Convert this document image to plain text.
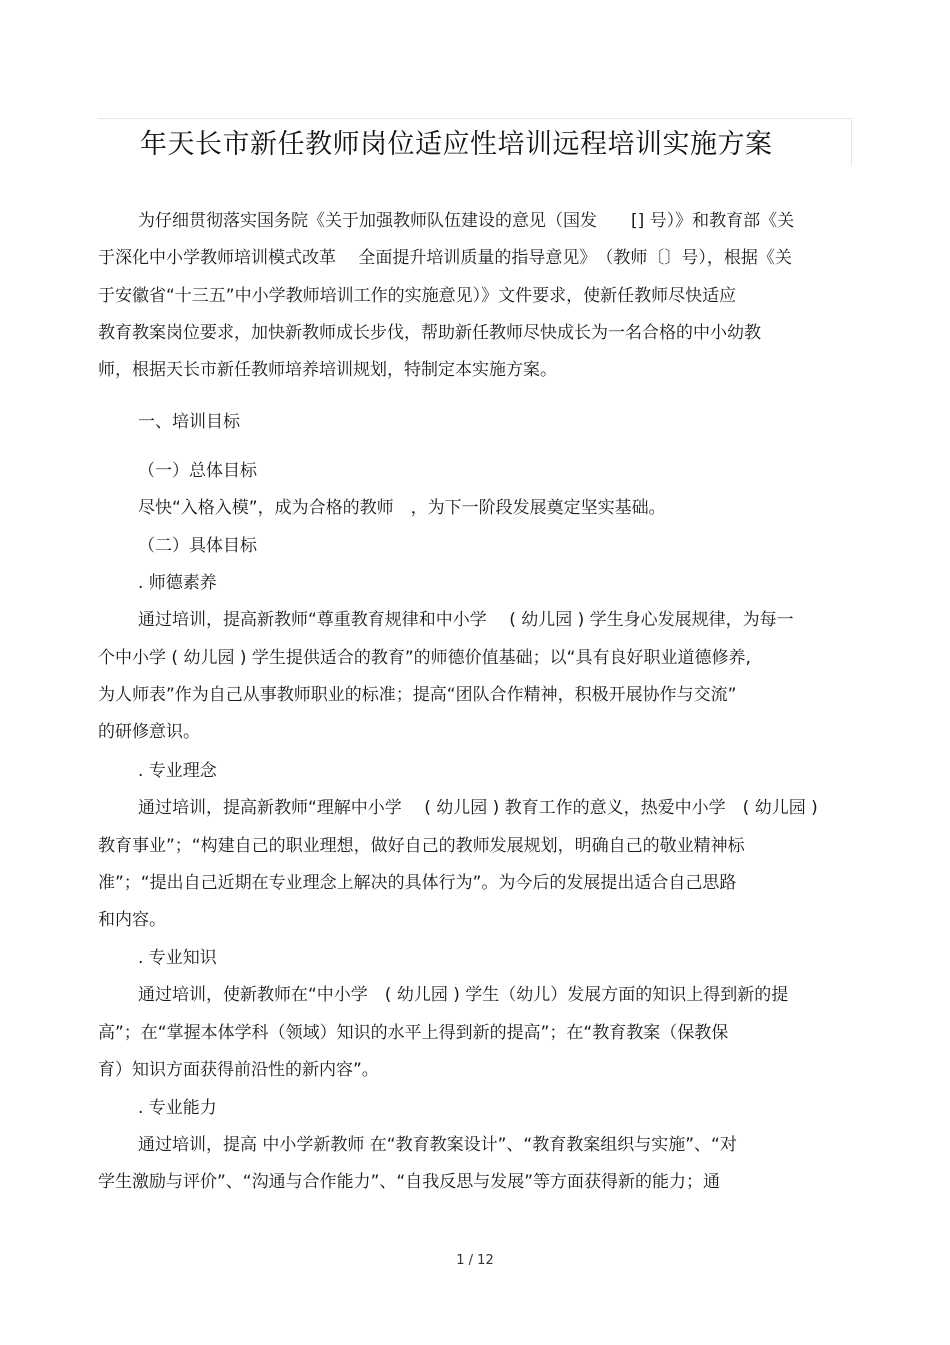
年天长市新任教师岗位适应性培训远程培训实施方案
为仔细贯彻落实国务院《关于加强教师队伍建设的意见（国发　　[] 号）》和教育部《关
于深化中小学教师培训模式改革　 全面提升培训质量的指导意见》　（教师〔〕号），根据《关
于安徽省“十三五”中小学教师培训工作的实施意见）》文件要求，使新任教师尽快适应
教育教案岗位要求，加快新教师成长步伐，帮助新任教师尽快成长为一名合格的中小幼教
师，根据天长市新任教师培养培训规划，特制定本实施方案。
一、培训目标
（一）总体目标
尽快“入格入模”，成为合格的教师　，为下一阶段发展奠定坚实基础。
（二）具体目标
. 师德素养
通过培训，提高新教师“尊重教育规律和中小学　 ( 幼儿园 ) 学生身心发展规律，为每一
个中小学 ( 幼儿园 ) 学生提供适合的教育”的师德价值基础；以“具有良好职业道德修养,
为人师表”作为自己从事教师职业的标准；提高“团队合作精神，积极开展协作与交流”
的研修意识。
. 专业理念
通过培训，提高新教师“理解中小学　 ( 幼儿园 ) 教育工作的意义，热爱中小学　( 幼儿园 )
教育事业”；“构建自己的职业理想，做好自己的教师发展规划，明确自己的敬业精神标
准”；“提出自己近期在专业理念上解决的具体行为”。为今后的发展提出适合自己思路
和内容。
. 专业知识
通过培训，使新教师在“中小学　( 幼儿园 ) 学生（幼儿）发展方面的知识上得到新的提
高”；在“掌握本体学科（领域）知识的水平上得到新的提高”；在“教育教案（保教保
育）知识方面获得前沿性的新内容”。
. 专业能力
通过培训，提高 中小学新教师 在“教育教案设计”、“教育教案组织与实施”、“对
学生激励与评价”、“沟通与合作能力”、“自我反思与发展”等方面获得新的能力；通
1 / 12
